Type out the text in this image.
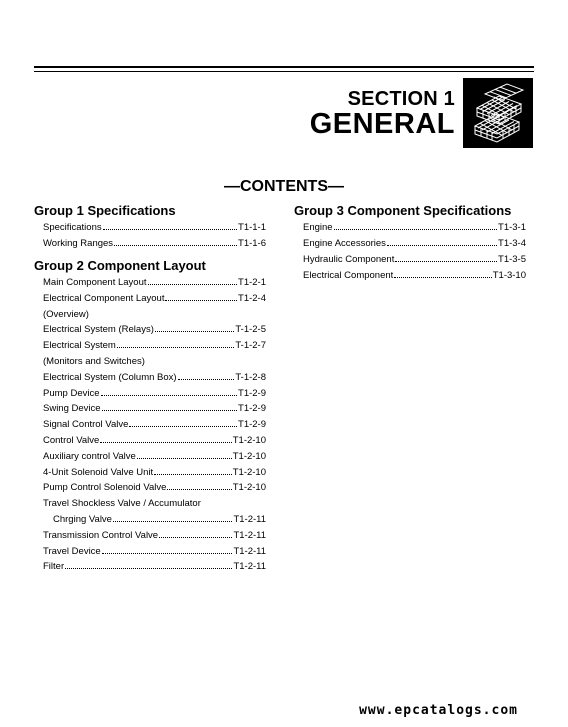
SECTION 1
GENERAL
—CONTENTS—
Group 1 Specifications
Specifications	T1-1-1
Working Ranges	T1-1-6
Group 2 Component Layout
Main Component Layout	T1-2-1
Electrical Component Layout	T1-2-4
(Overview)
Electrical System (Relays)	T-1-2-5
Electrical System	T-1-2-7
(Monitors and Switches)
Electrical System (Column Box)	T-1-2-8
Pump Device	T1-2-9
Swing Device	T1-2-9
Signal Control Valve	T1-2-9
Control Valve	T1-2-10
Auxiliary control Valve	T1-2-10
4-Unit Solenoid Valve Unit	T1-2-10
Pump Control Solenoid Valve	T1-2-10
Travel Shockless Valve / Accumulator
Chrging Valve	T1-2-11
Transmission Control Valve	T1-2-11
Travel Device	T1-2-11
Filter	T1-2-11
Group 3 Component Specifications
Engine	T1-3-1
Engine Accessories	T1-3-4
Hydraulic Component	T1-3-5
Electrical Component	T1-3-10
www.epcatalogs.com
